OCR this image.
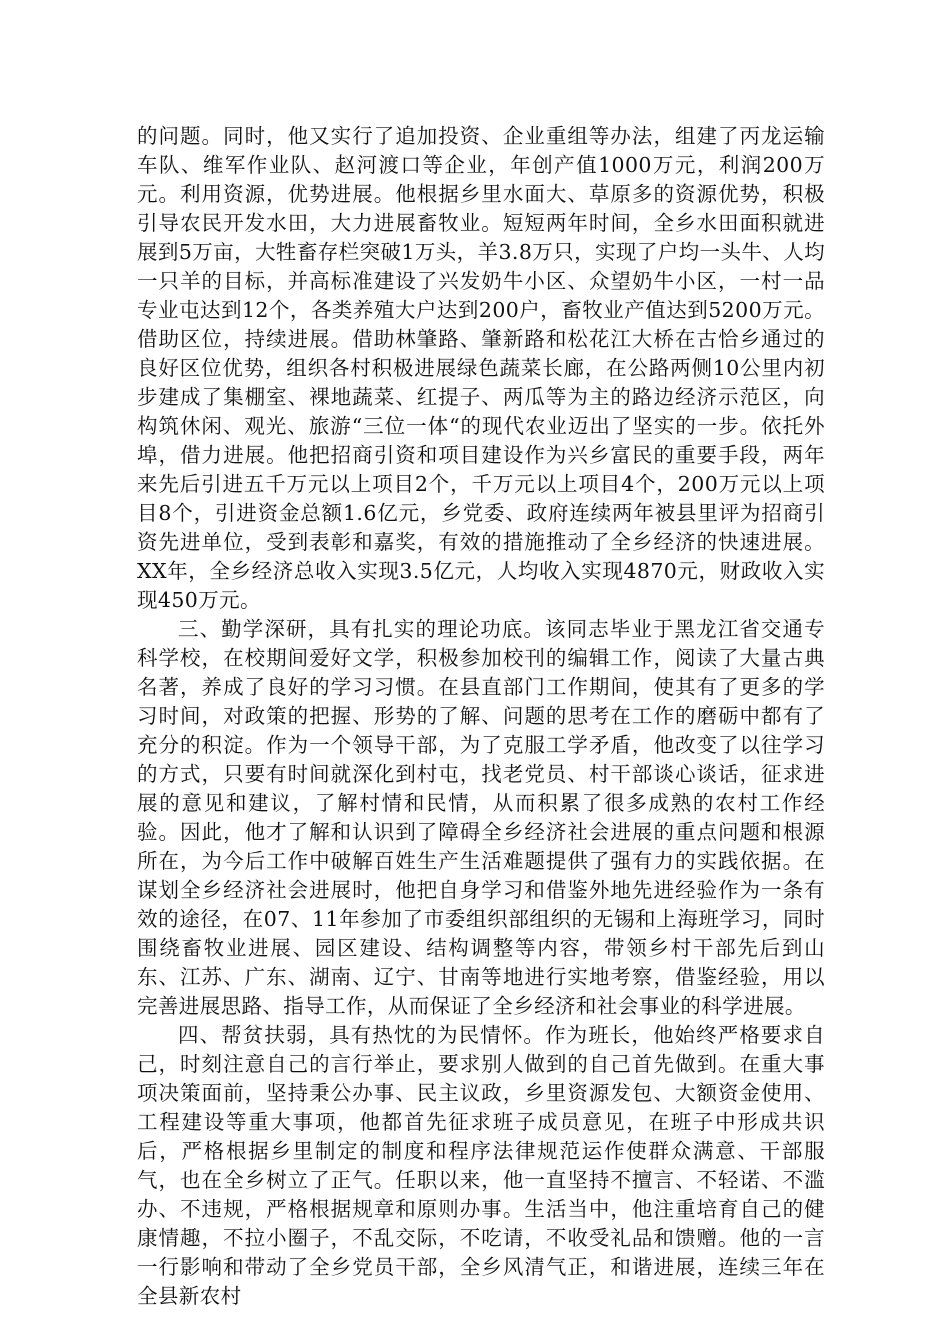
的问题。同时，他又实行了追加投资、企业重组等办法，组建了丙龙运输车队、维军作业队、赵河渡口等企业，年创产值1000万元，利润200万元。利用资源，优势进展。他根据乡里水面大、草原多的资源优势，积极引导农民开发水田，大力进展畜牧业。短短两年时间，全乡水田面积就进展到5万亩，大牲畜存栏突破1万头，羊3.8万只，实现了户均一头牛、人均一只羊的目标，并高标准建设了兴发奶牛小区、众望奶牛小区，一村一品专业屯达到12个，各类养殖大户达到200户，畜牧业产值达到5200万元。借助区位，持续进展。借助林肇路、肇新路和松花江大桥在古恰乡通过的良好区位优势，组织各村积极进展绿色蔬菜长廊，在公路两侧10公里内初步建成了集棚室、裸地蔬菜、红提子、两瓜等为主的路边经济示范区，向构筑休闲、观光、旅游“三位一体“的现代农业迈出了坚实的一步。依托外埠，借力进展。他把招商引资和项目建设作为兴乡富民的重要手段，两年来先后引进五千万元以上项目2个，千万元以上项目4个，200万元以上项目8个，引进资金总额1.6亿元，乡党委、政府连续两年被县里评为招商引资先进单位，受到表彰和嘉奖，有效的措施推动了全乡经济的快速进展。XX年，全乡经济总收入实现3.5亿元，人均收入实现4870元，财政收入实现450万元。

三、勤学深研，具有扎实的理论功底。该同志毕业于黑龙江省交通专科学校，在校期间爱好文学，积极参加校刊的编辑工作，阅读了大量古典名著，养成了良好的学习习惯。在县直部门工作期间，使其有了更多的学习时间，对政策的把握、形势的了解、问题的思考在工作的磨砺中都有了充分的积淀。作为一个领导干部，为了克服工学矛盾，他改变了以往学习的方式，只要有时间就深化到村屯，找老党员、村干部谈心谈话，征求进展的意见和建议，了解村情和民情，从而积累了很多成熟的农村工作经验。因此，他才了解和认识到了障碍全乡经济社会进展的重点问题和根源所在，为今后工作中破解百姓生产生活难题提供了强有力的实践依据。在谋划全乡经济社会进展时，他把自身学习和借鉴外地先进经验作为一条有效的途径，在07、11年参加了市委组织部组织的无锡和上海班学习，同时围绕畜牧业进展、园区建设、结构调整等内容，带领乡村干部先后到山东、江苏、广东、湖南、辽宁、甘南等地进行实地考察，借鉴经验，用以完善进展思路、指导工作，从而保证了全乡经济和社会事业的科学进展。

四、帮贫扶弱，具有热忱的为民情怀。作为班长，他始终严格要求自己，时刻注意自己的言行举止，要求别人做到的自己首先做到。在重大事项决策面前，坚持秉公办事、民主议政，乡里资源发包、大额资金使用、工程建设等重大事项，他都首先征求班子成员意见，在班子中形成共识后，严格根据乡里制定的制度和程序法律规范运作使群众满意、干部服气，也在全乡树立了正气。任职以来，他一直坚持不擅言、不轻诺、不滥办、不违规，严格根据规章和原则办事。生活当中，他注重培育自己的健康情趣，不拉小圈子，不乱交际，不吃请，不收受礼品和馈赠。他的一言一行影响和带动了全乡党员干部，全乡风清气正，和谐进展，连续三年在全县新农村
